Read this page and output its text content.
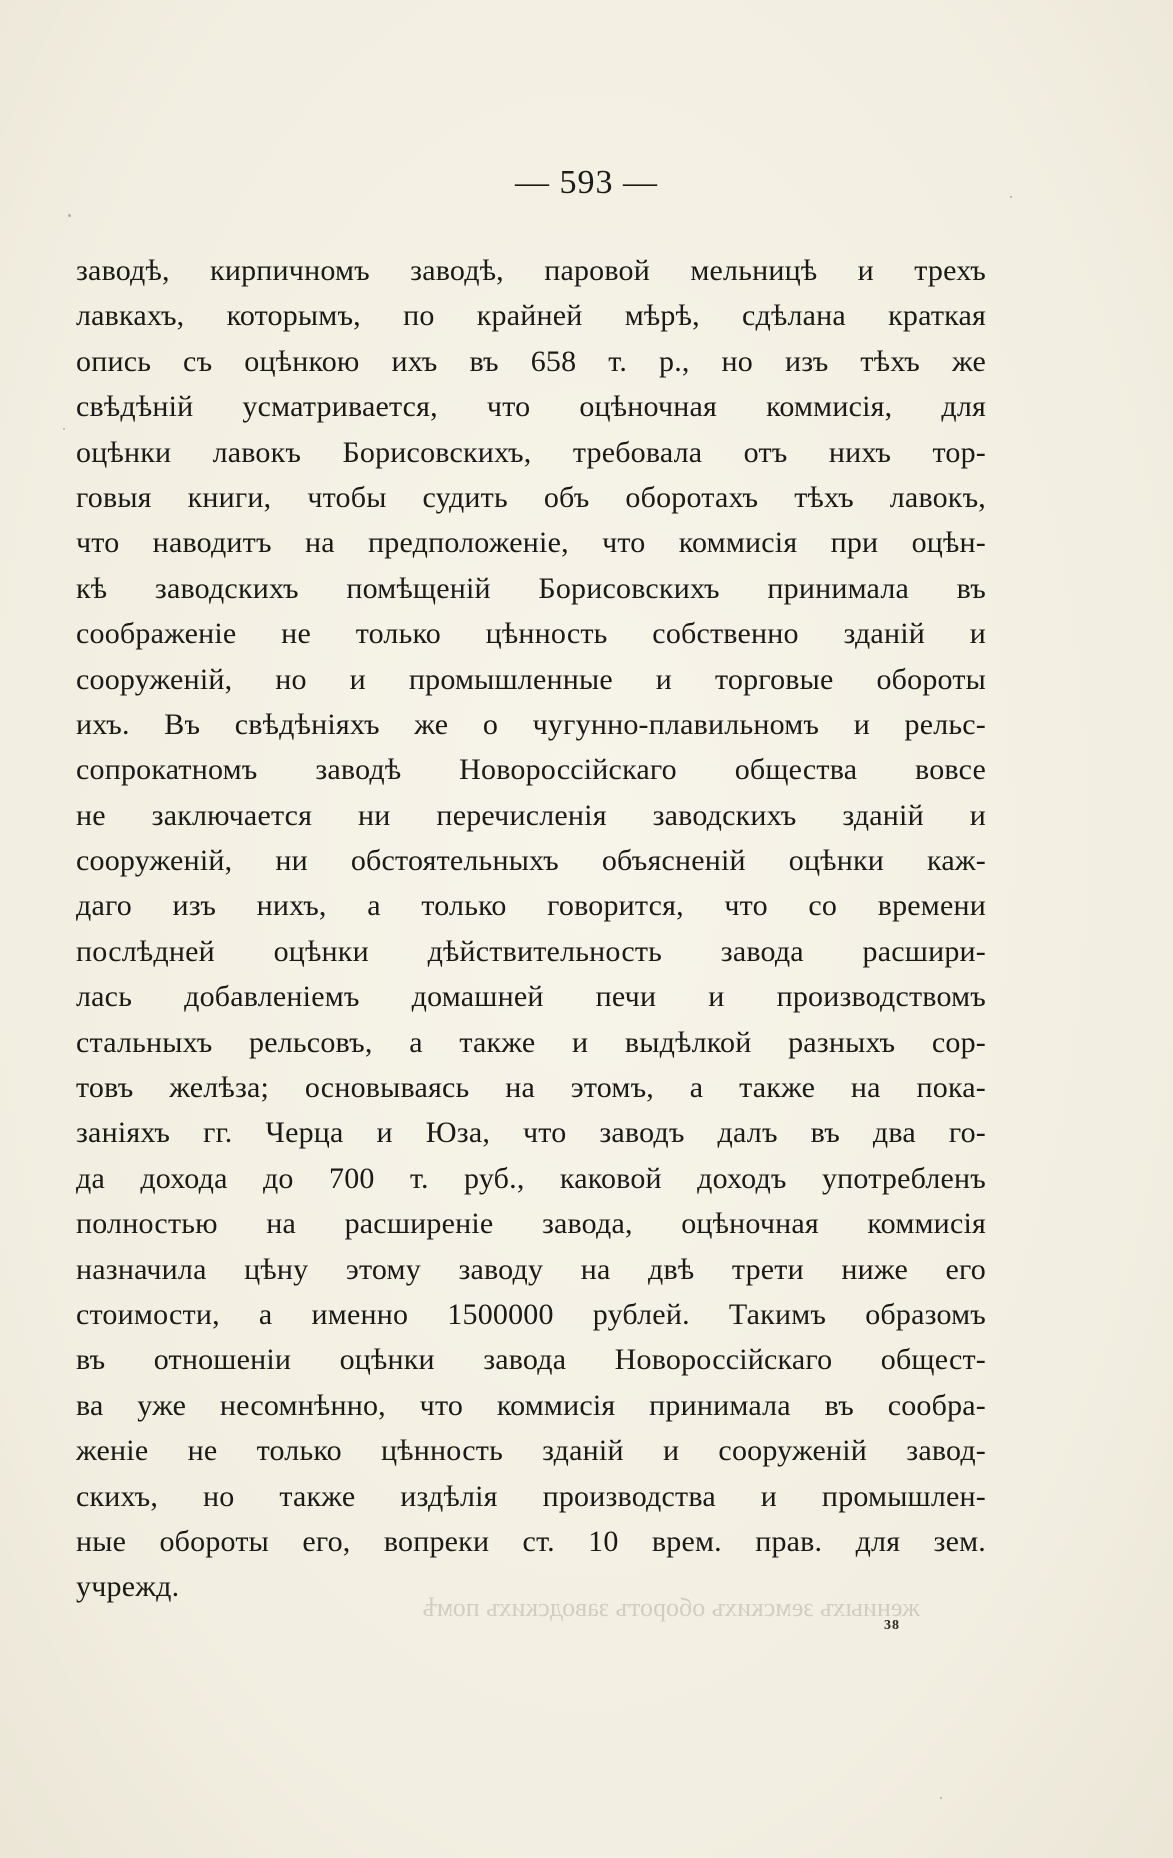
— 593 —
заводѣ, кирпичномъ заводѣ, паровой мельницѣ и трехъ
лавкахъ, которымъ, по крайней мѣрѣ, сдѣлана краткая
опись съ оцѣнкою ихъ въ 658 т. р., но изъ тѣхъ же
свѣдѣній усматривается, что оцѣночная коммисія, для
оцѣнки лавокъ Борисовскихъ, требовала отъ нихъ тор-
говыя книги, чтобы судить объ оборотахъ тѣхъ лавокъ,
что наводитъ на предположеніе, что коммисія при оцѣн-
кѣ заводскихъ помѣщеній Борисовскихъ принимала въ
соображеніе не только цѣнность собственно зданій и
сооруженій, но и промышленные и торговые обороты
ихъ. Въ свѣдѣніяхъ же о чугунно-плавильномъ и рельс-
сопрокатномъ заводѣ Новороссійскаго общества вовсе
не заключается ни перечисленія заводскихъ зданій и
сооруженій, ни обстоятельныхъ объясненій оцѣнки каж-
даго изъ нихъ, а только говорится, что со времени
послѣдней оцѣнки дѣйствительность завода расшири-
лась добавленіемъ домашней печи и производствомъ
стальныхъ рельсовъ, а также и выдѣлкой разныхъ сор-
товъ желѣза; основываясь на этомъ, а также на пока-
заніяхъ гг. Черца и Юза, что заводъ далъ въ два го-
да дохода до 700 т. руб., каковой доходъ употребленъ
полностью на расширеніе завода, оцѣночная коммисія
назначила цѣну этому заводу на двѣ трети ниже его
стоимости, а именно 1500000 рублей. Такимъ образомъ
въ отношеніи оцѣнки завода Новороссійскаго общест-
ва уже несомнѣнно, что коммисія принимала въ сообра-
женіе не только цѣнность зданій и сооруженій завод-
скихъ, но также издѣлія производства и промышлен-
ные обороты его, вопреки ст. 10 врем. прав. для зем.
учрежд.
жениыхъ земскихъ оборотъ заводскихъ помѣ
38
